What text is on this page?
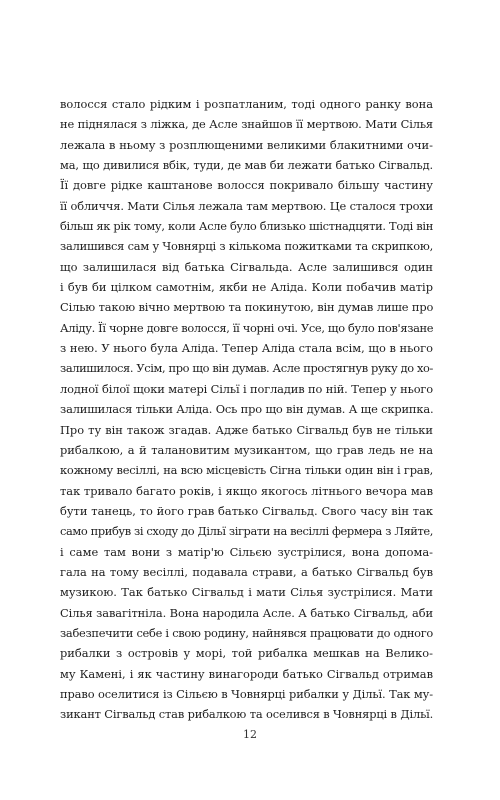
волосся стало рідким і розпатланим, тоді одного ранку вона
не піднялася з ліжка, де Асле знайшов її мертвою. Мати Сілья
лежала в ньому з розплющеними великими блакитними очи-
ма, що дивилися вбік, туди, де мав би лежати батько Сігвальд.
Її довге рідке каштанове волосся покривало більшу частину
її обличчя. Мати Сілья лежала там мертвою. Це сталося трохи
більш як рік тому, коли Асле було близько шістнадцяти. Тоді він
залишився сам у Човнярці з кількома пожитками та скрипкою,
що залишилася від батька Сігвальда. Асле залишився один
і був би цілком самотнім, якби не Аліда. Коли побачив матір
Сілью такою вічно мертвою та покинутою, він думав лише про
Аліду. Її чорне довге волосся, її чорні очі. Усе, що було пов'язане
з нею. У нього була Аліда. Тепер Аліда стала всім, що в нього
залишилося. Усім, про що він думав. Асле простягнув руку до хо-
лодної білої щоки матері Сільї і погладив по ній. Тепер у нього
залишилася тільки Аліда. Ось про що він думав. А ще скрипка.
Про ту він також згадав. Адже батько Сігвальд був не тільки
рибалкою, а й талановитим музикантом, що грав ледь не на
кожному весіллі, на всю місцевість Сігна тільки один він і грав,
так тривало багато років, і якщо якогось літнього вечора мав
бути танець, то його грав батько Сігвальд. Свого часу він так
само прибув зі сходу до Дільї зіграти на весіллі фермера з Ляйте,
і саме там вони з матір'ю Сільєю зустрілися, вона допома-
гала на тому весіллі, подавала страви, а батько Сігвальд був
музикою. Так батько Сігвальд і мати Сілья зустрілися. Мати
Сілья завагітніла. Вона народила Асле. А батько Сігвальд, аби
забезпечити себе і свою родину, найнявся працювати до одного
рибалки з островів у морі, той рибалка мешкав на Велико-
му Камені, і як частину винагороди батько Сігвальд отримав
право оселитися із Сільєю в Човнярці рибалки у Дільї. Так му-
зикант Сігвальд став рибалкою та оселився в Човнярці в Дільї.
12
